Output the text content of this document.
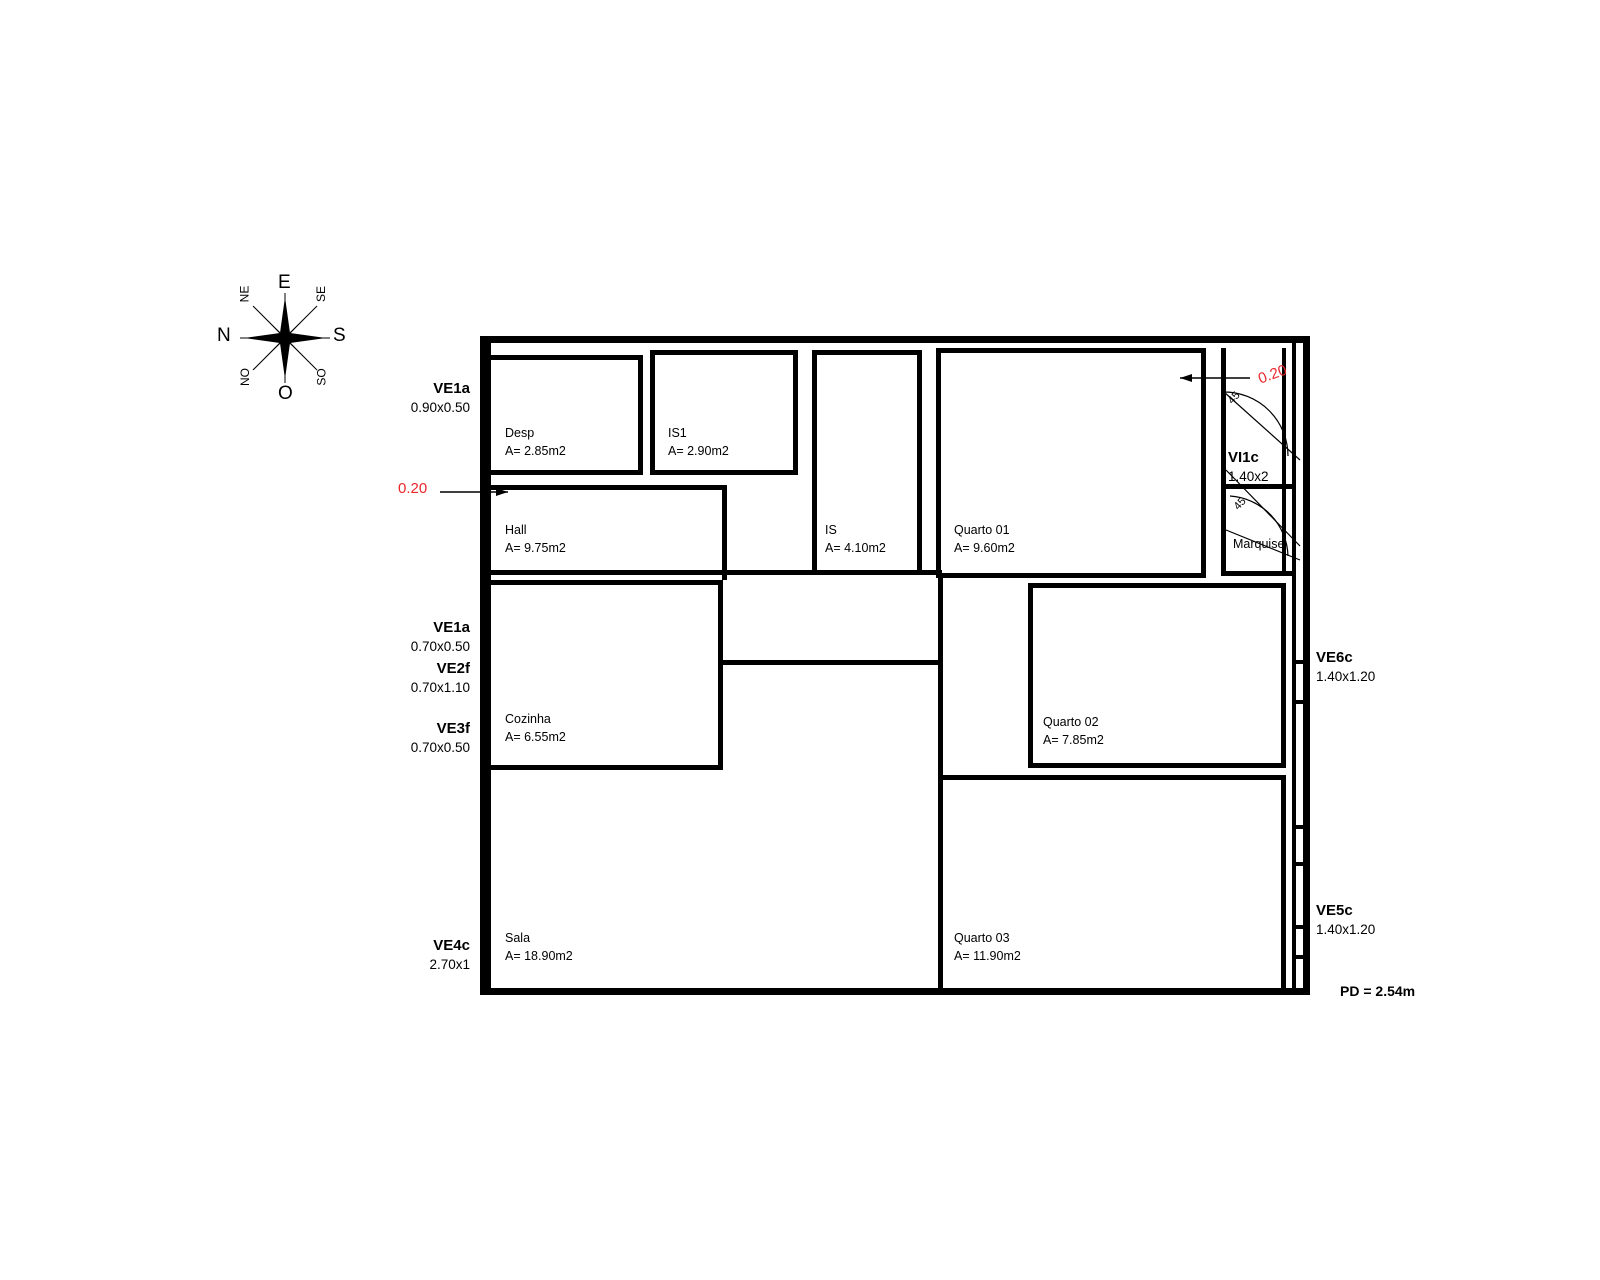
N	S
E
O
NE	SE
NO	SO
Desp
A= 2.85m2
IS1
A= 2.90m2
IS
A= 4.10m2
Quarto 01
A= 9.60m2
Hall
A= 9.75m2	Marquise
Cozinha
A= 6.55m2
Quarto 02
A= 7.85m2
Sala
A= 18.90m2
Quarto 03
A= 11.90m2
VE1a
0.90x0.50
VE1a
0.70x0.50
VE2f
0.70x1.10
VE3f
0.70x0.50
VE4c
2.70x1
VE6c
1.40x1.20
VE5c
1.40x1.20
VI1c
1.40x2
0.20
0.20
45
45
PD = 2.54m
